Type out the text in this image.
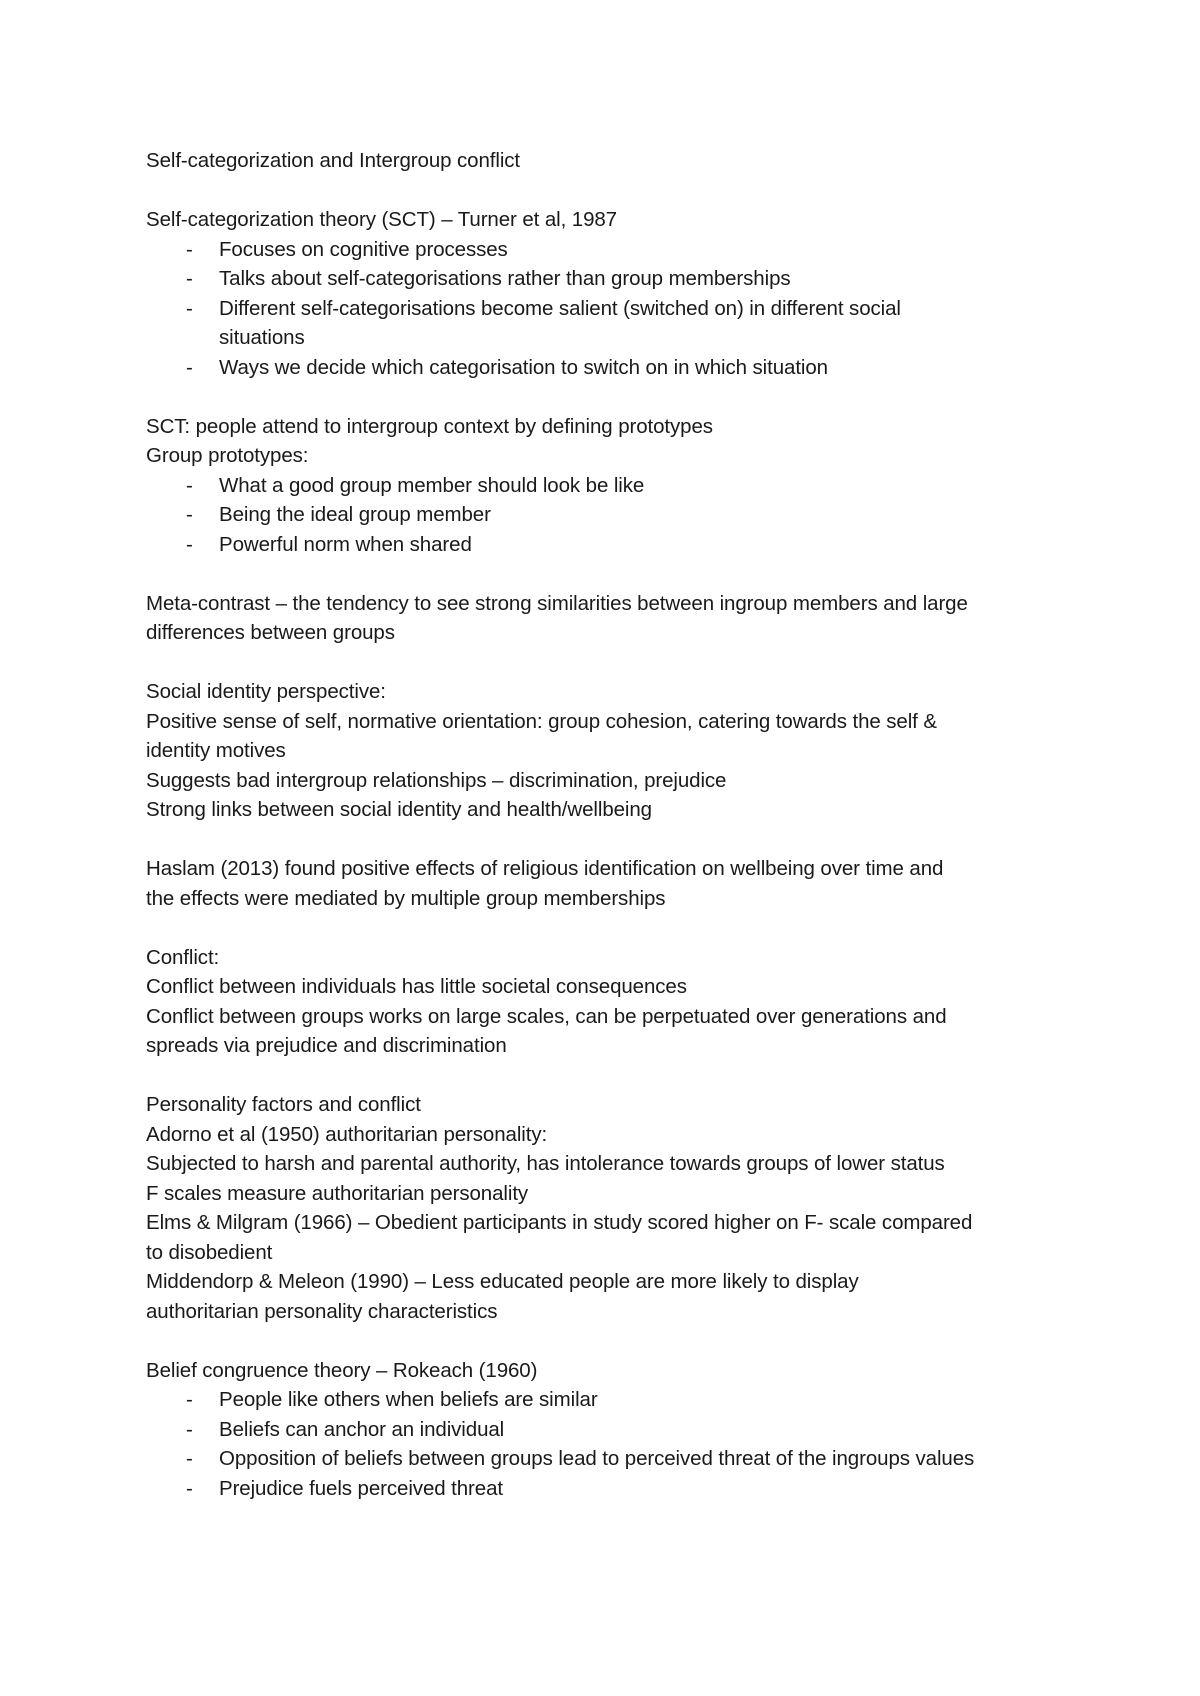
Self-categorization and Intergroup conflict
Self-categorization theory (SCT) – Turner et al, 1987
- Focuses on cognitive processes
- Talks about self-categorisations rather than group memberships
- Different self-categorisations become salient (switched on) in different social
situations
- Ways we decide which categorisation to switch on in which situation
SCT: people attend to intergroup context by defining prototypes
Group prototypes:
- What a good group member should look be like
- Being the ideal group member
- Powerful norm when shared
Meta-contrast – the tendency to see strong similarities between ingroup members and large
differences between groups
Social identity perspective:
Positive sense of self, normative orientation: group cohesion, catering towards the self &
identity motives
Suggests bad intergroup relationships – discrimination, prejudice
Strong links between social identity and health/wellbeing
Haslam (2013) found positive effects of religious identification on wellbeing over time and
the effects were mediated by multiple group memberships
Conflict:
Conflict between individuals has little societal consequences
Conflict between groups works on large scales, can be perpetuated over generations and
spreads via prejudice and discrimination
Personality factors and conflict
Adorno et al (1950) authoritarian personality:
Subjected to harsh and parental authority, has intolerance towards groups of lower status
F scales measure authoritarian personality
Elms & Milgram (1966) – Obedient participants in study scored higher on F- scale compared
to disobedient
Middendorp & Meleon (1990) – Less educated people are more likely to display
authoritarian personality characteristics
Belief congruence theory – Rokeach (1960)
- People like others when beliefs are similar
- Beliefs can anchor an individual
- Opposition of beliefs between groups lead to perceived threat of the ingroups values
- Prejudice fuels perceived threat
